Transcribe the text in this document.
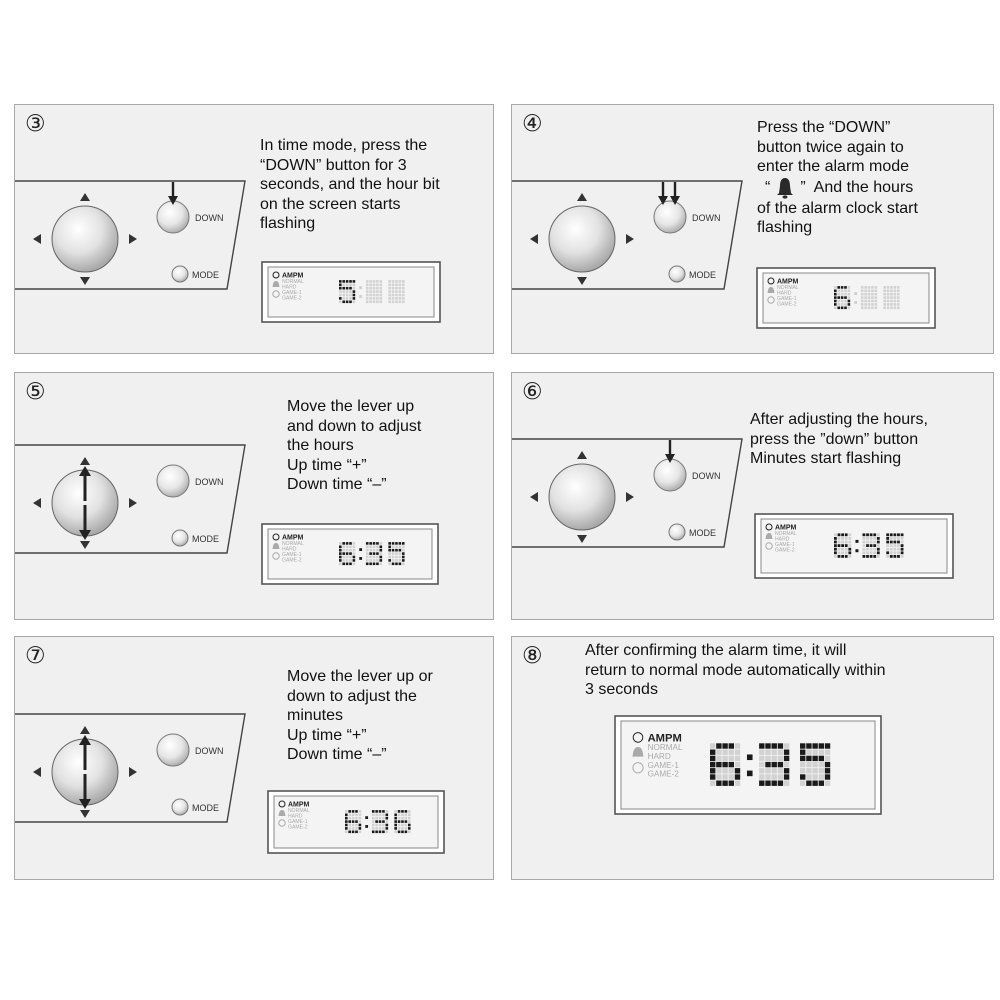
③
DOWN
MODE	AMPM
NORMAL
HARD
GAME-1
GAME-2
In time mode, press the
“DOWN” button for 3
seconds, and the hour bit
on the screen starts
flashing
④
DOWN
MODE
AMPM
NORMAL
HARD
GAME-1
GAME-2
Press the “DOWN”
button twice again to
enter the alarm mode
“ ” And the hours
of the alarm clock start
flashing
⑤
DOWN
MODE	AMPM
NORMAL
HARD
GAME-1
GAME-2
Move the lever up
and down to adjust
the hours
Up time “+”
Down time “–”
⑥
DOWN
MODE	AMPM
NORMAL
HARD
GAME-1
GAME-2
After adjusting the hours,
press the ”down” button
Minutes start flashing
⑦
DOWN
MODE	AMPM
NORMAL
HARD
GAME-1
GAME-2
Move the lever up or
down to adjust the
minutes
Up time “+”
Down time “–”
⑧
AMPM
NORMAL
HARD
GAME-1
GAME-2
After confirming the alarm time, it will
return to normal mode automatically within
3 seconds
